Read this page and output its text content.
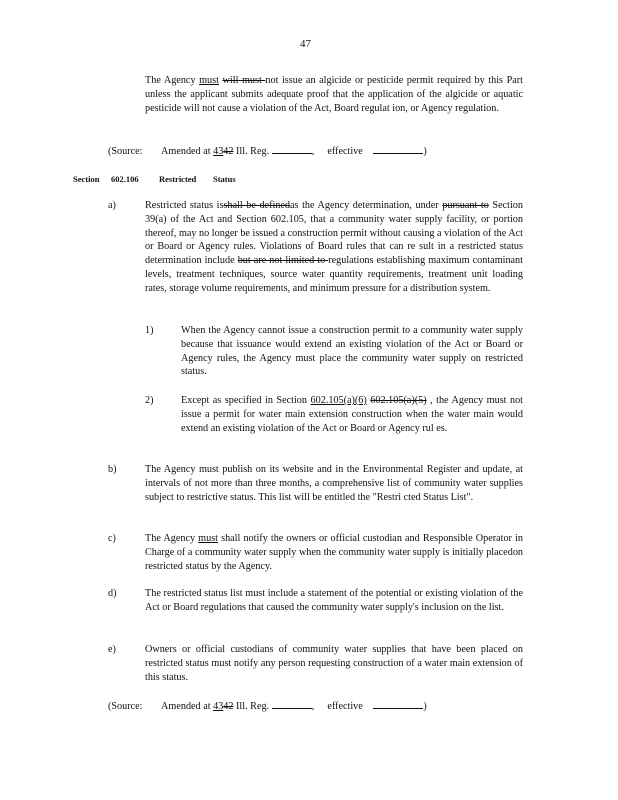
47
The Agency must will must not issue an algicide or pesticide permit required by this Part unless the applicant submits adequate proof that the application of the algicide or aquatic pesticide will not cause a violation of the Act, Board regulat ion, or Agency regulation.
(Source: Amended at 4342 Ill. Reg.	, effective	)
Section 602.106 Restricted Status
a)	Restricted status isshall be definedas the Agency determination, under pursuant to Section 39(a) of the Act and Section 602.105, that a community water supply facility, or portion thereof, may no longer be issued a construction permit without causing a violation of the Act or Board or Agency rules. Violations of Board rules that can re sult in a restricted status determination include but are not limited to regulations establishing maximum contaminant levels, treatment techniques, source water quantity requirements, treatment unit loading rates, storage volume requirements, and minimum pressure for a distribution system.
1)	When the Agency cannot issue a construction permit to a community water supply because that issuance would extend an existing violation of the Act or Board or Agency rules, the Agency must place the community water supply on restricted status.
2)	Except as specified in Section 602.105(a)(6) 602.105(a)(5) , the Agency must not issue a permit for water main extension construction when the water main would extend an existing violation of the Act or Board or Agency rul es.
b)	The Agency must publish on its website and in the Environmental Register and update, at intervals of not more than three months, a comprehensive list of community water supplies subject to restrictive status. This list will be entitled the "Restri cted Status List".
c)	The Agency must shall notify the owners or official custodian and Responsible Operator in Charge of a community water supply when the community water supply is initially placedon restricted status by the Agency.
d)	The restricted status list must include a statement of the potential or existing violation of the Act or Board regulations that caused the community water supply's inclusion on the list.
e)	Owners or official custodians of community water supplies that have been placed on restricted status must notify any person requesting construction of a water main extension of this status.
(Source: Amended at 4342 Ill. Reg.	, effective	)
